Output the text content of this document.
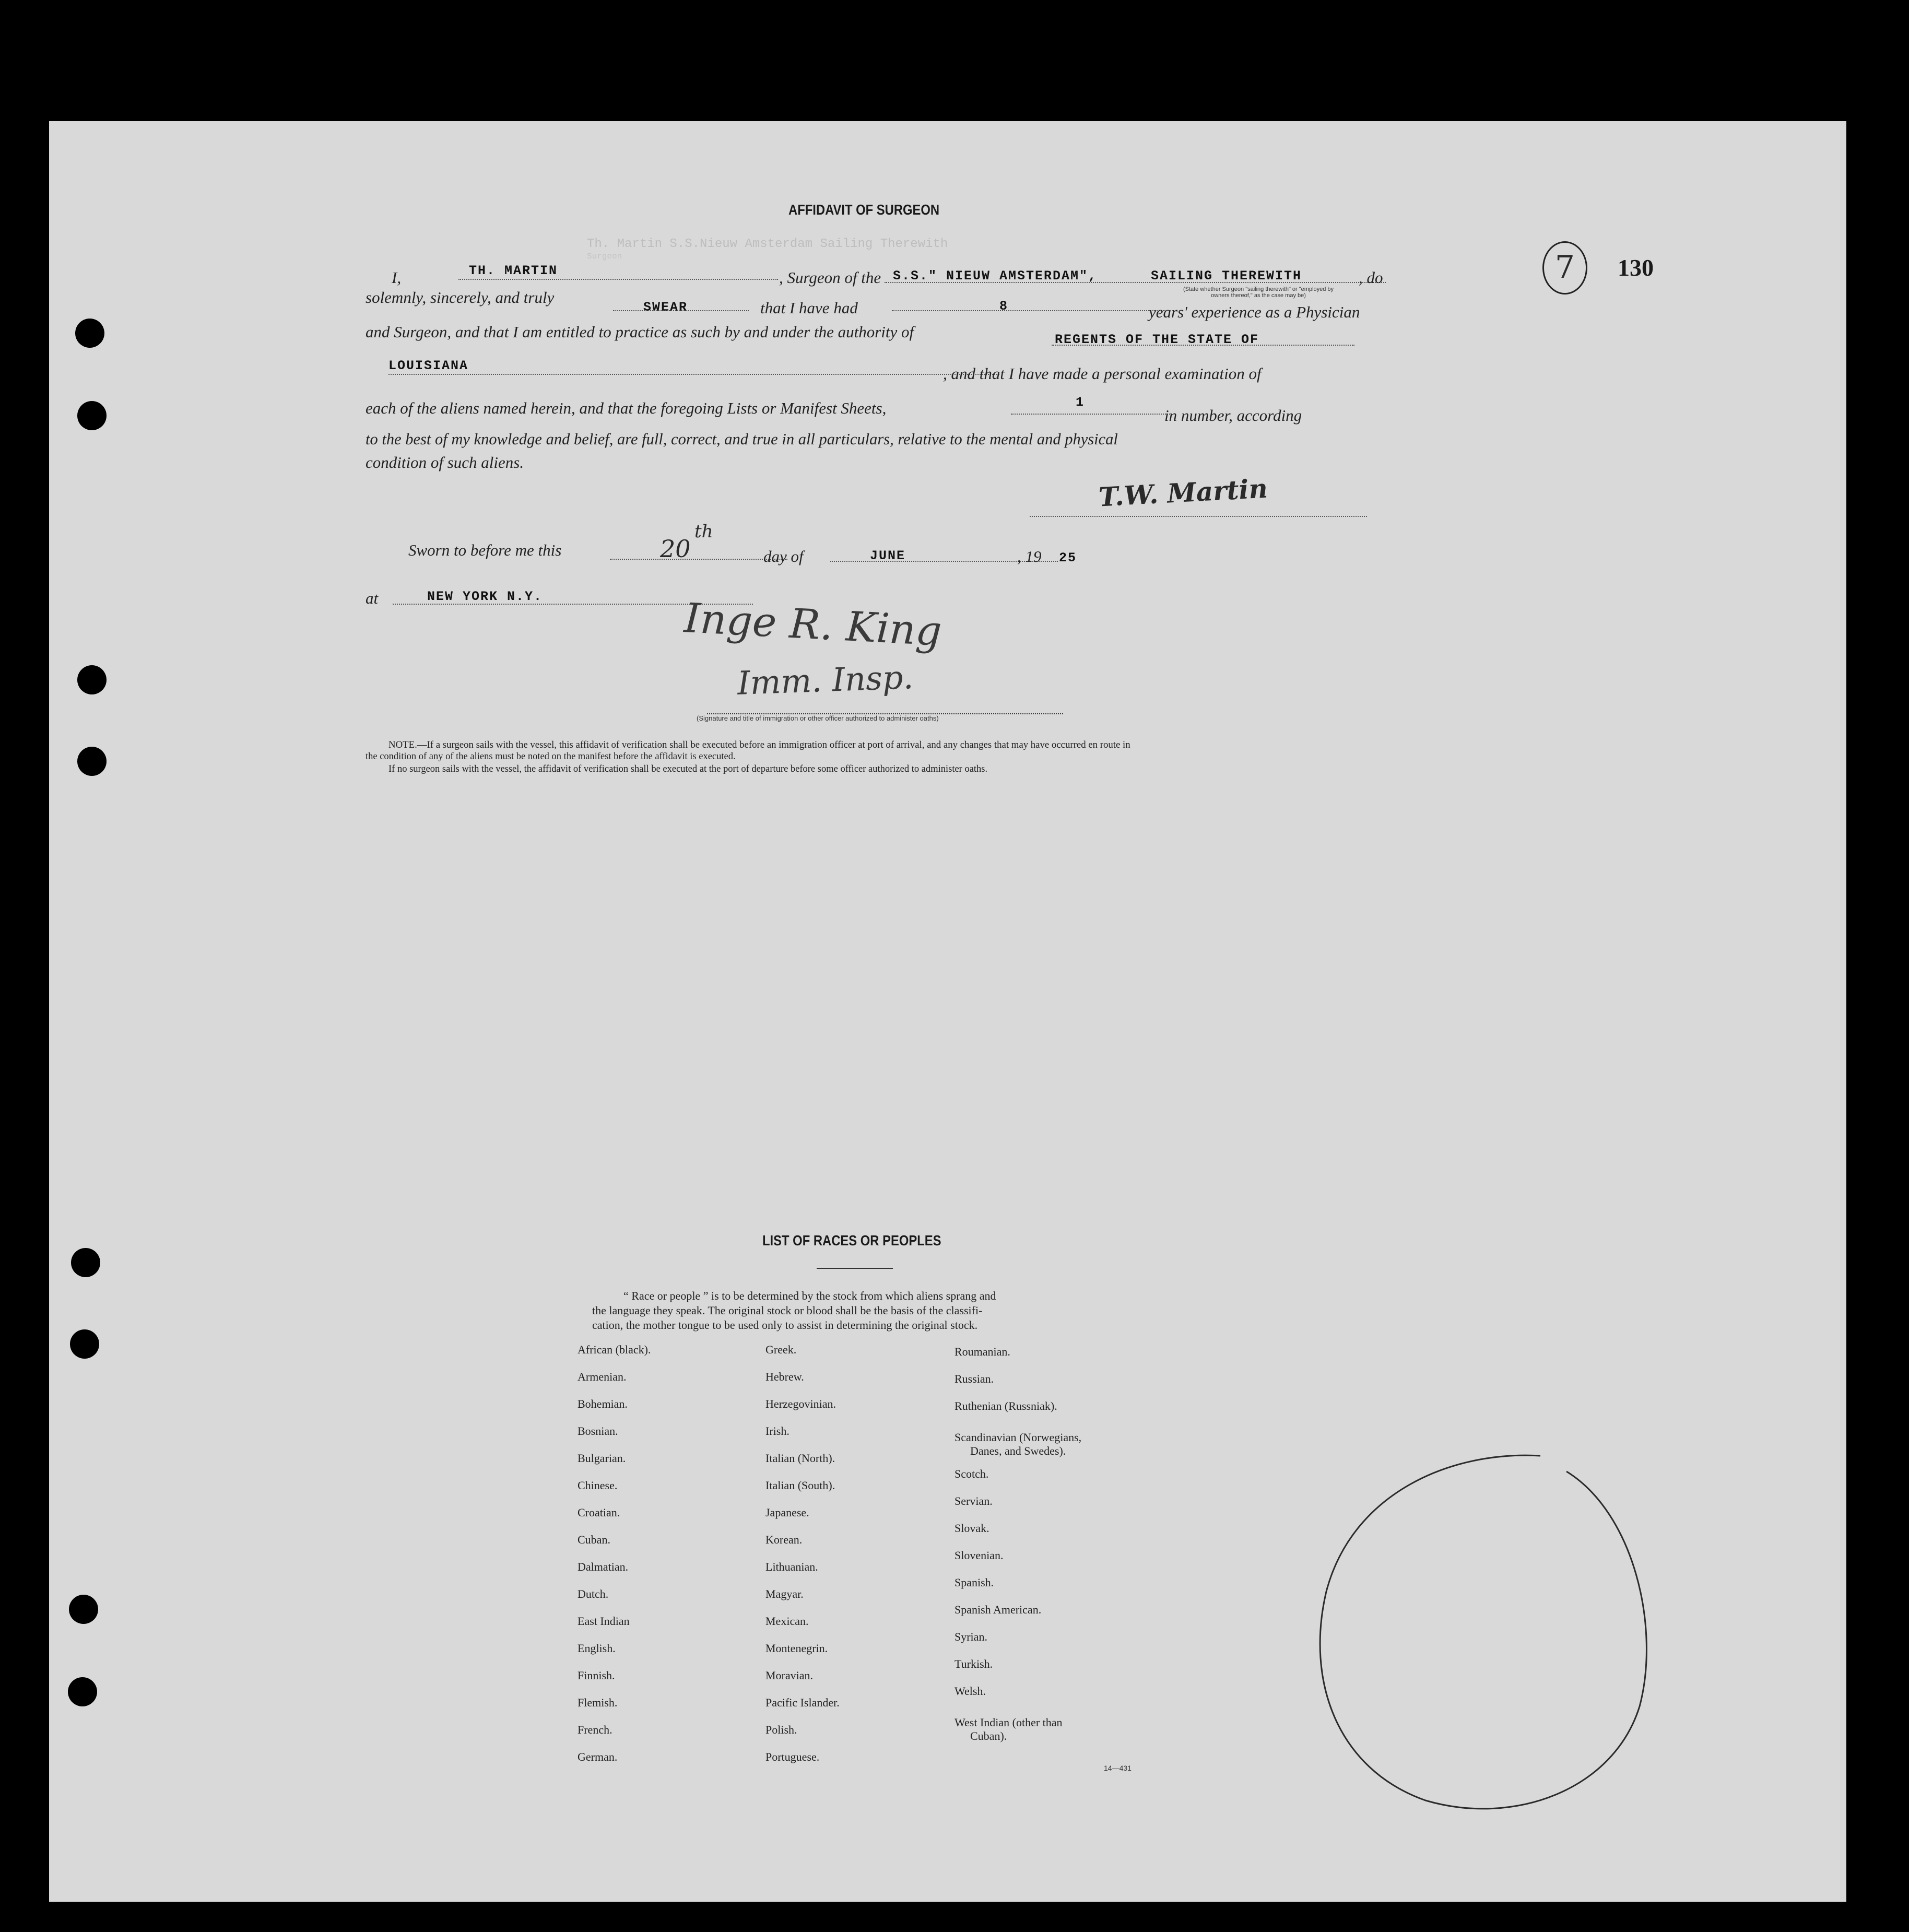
Th. Martin S.S.Nieuw Amsterdam Sailing Therewith
Surgeon
AFFIDAVIT OF SURGEON
I,	TH. MARTIN	, Surgeon of the S.S." NIEUW AMSTERDAM",	SAILING THEREWITH	, do
(State whether Surgeon "sailing therewith" or "employed by
owners thereof," as the case may be)
solemnly, sincerely, and truly
SWEAR	that I have had	8	years' experience as a Physician
and Surgeon, and that I am entitled to practice as such by and under the authority of	REGENTS OF THE STATE OF
LOUISIANA	, and that I have made a personal examination of
each of the aliens named herein, and that the foregoing Lists or Manifest Sheets,	1
in number, according
to the best of my knowledge and belief, are full, correct, and true in all particulars, relative to the mental and physical
condition of such aliens.
T.W. Martin
Sworn to before me this	20
th
day of	JUNE	, 19 25
at	NEW YORK N.Y.	Inge R. King
Imm. Insp.
(Signature and title of immigration or other officer authorized to administer oaths)
NOTE.—If a surgeon sails with the vessel, this affidavit of verification shall be executed before an immigration officer at port of arrival, and any changes that may have occurred en route in
the condition of any of the aliens must be noted on the manifest before the affidavit is executed.
If no surgeon sails with the vessel, the affidavit of verification shall be executed at the port of departure before some officer authorized to administer oaths.
7	130
LIST OF RACES OR PEOPLES
“ Race or people ” is to be determined by the stock from which aliens sprang and
the language they speak. The original stock or blood shall be the basis of the classifi-
cation, the mother tongue to be used only to assist in determining the original stock.
African (black).
Armenian.
Bohemian.
Bosnian.
Bulgarian.
Chinese.
Croatian.
Cuban.
Dalmatian.
Dutch.
East Indian
English.
Finnish.
Flemish.
French.
German.
Greek.
Hebrew.
Herzegovinian.
Irish.
Italian (North).
Italian (South).
Japanese.
Korean.
Lithuanian.
Magyar.
Mexican.
Montenegrin.
Moravian.
Pacific Islander.
Polish.
Portuguese.
Roumanian.
Russian.
Ruthenian (Russniak).
Scandinavian (Norwegians,
Danes, and Swedes).
Scotch.
Servian.
Slovak.
Slovenian.
Spanish.
Spanish American.
Syrian.
Turkish.
Welsh.
West Indian (other than
Cuban).
14—431
